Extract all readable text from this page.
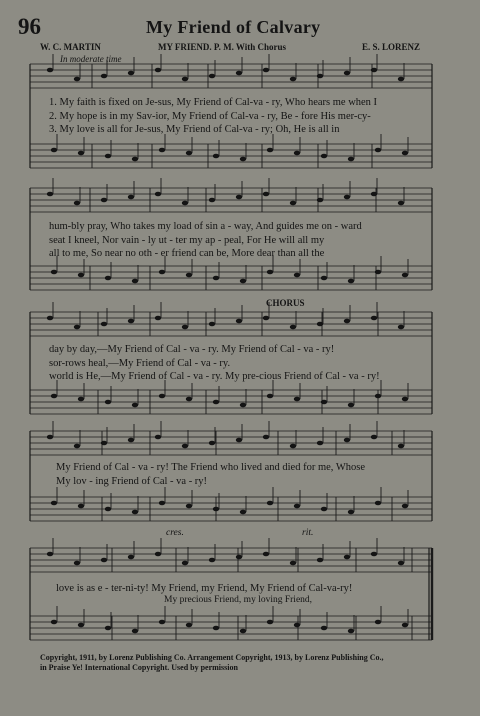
96	My Friend of Calvary
W. C. MARTIN	MY FRIEND. P. M. With Chorus	E. S. LORENZ
In moderate time
1. My faith is fixed on Je-sus, My Friend of Cal-va - ry, Who hears me when I
2. My hope is in my Sav-ior, My Friend of Cal-va - ry, Be - fore His mer-cy-
3. My love is all for Je-sus, My Friend of Cal-va - ry; Oh, He is all in
hum-bly pray, Who takes my load of sin a - way, And guides me on - ward
seat I kneel, Nor vain - ly ut - ter my ap - peal, For He will all my
all to me, So near no oth - er friend can be, More dear than all the
CHORUS
day by day,—My Friend of Cal - va - ry. My Friend of Cal - va - ry!
sor-rows heal,—My Friend of Cal - va - ry.
world is He,—My Friend of Cal - va - ry. My pre-cious Friend of Cal - va - ry!
My Friend of Cal - va - ry! The Friend who lived and died for me, Whose
My lov - ing Friend of Cal - va - ry!
cres.	rit.
love is as e - ter-ni-ty! My Friend, my Friend, My Friend of Cal-va-ry!
My precious Friend, my loving Friend,
Copyright, 1911, by Lorenz Publishing Co. Arrangement Copyright, 1913, by Lorenz Publishing Co.,
in Praise Ye! International Copyright. Used by permission
